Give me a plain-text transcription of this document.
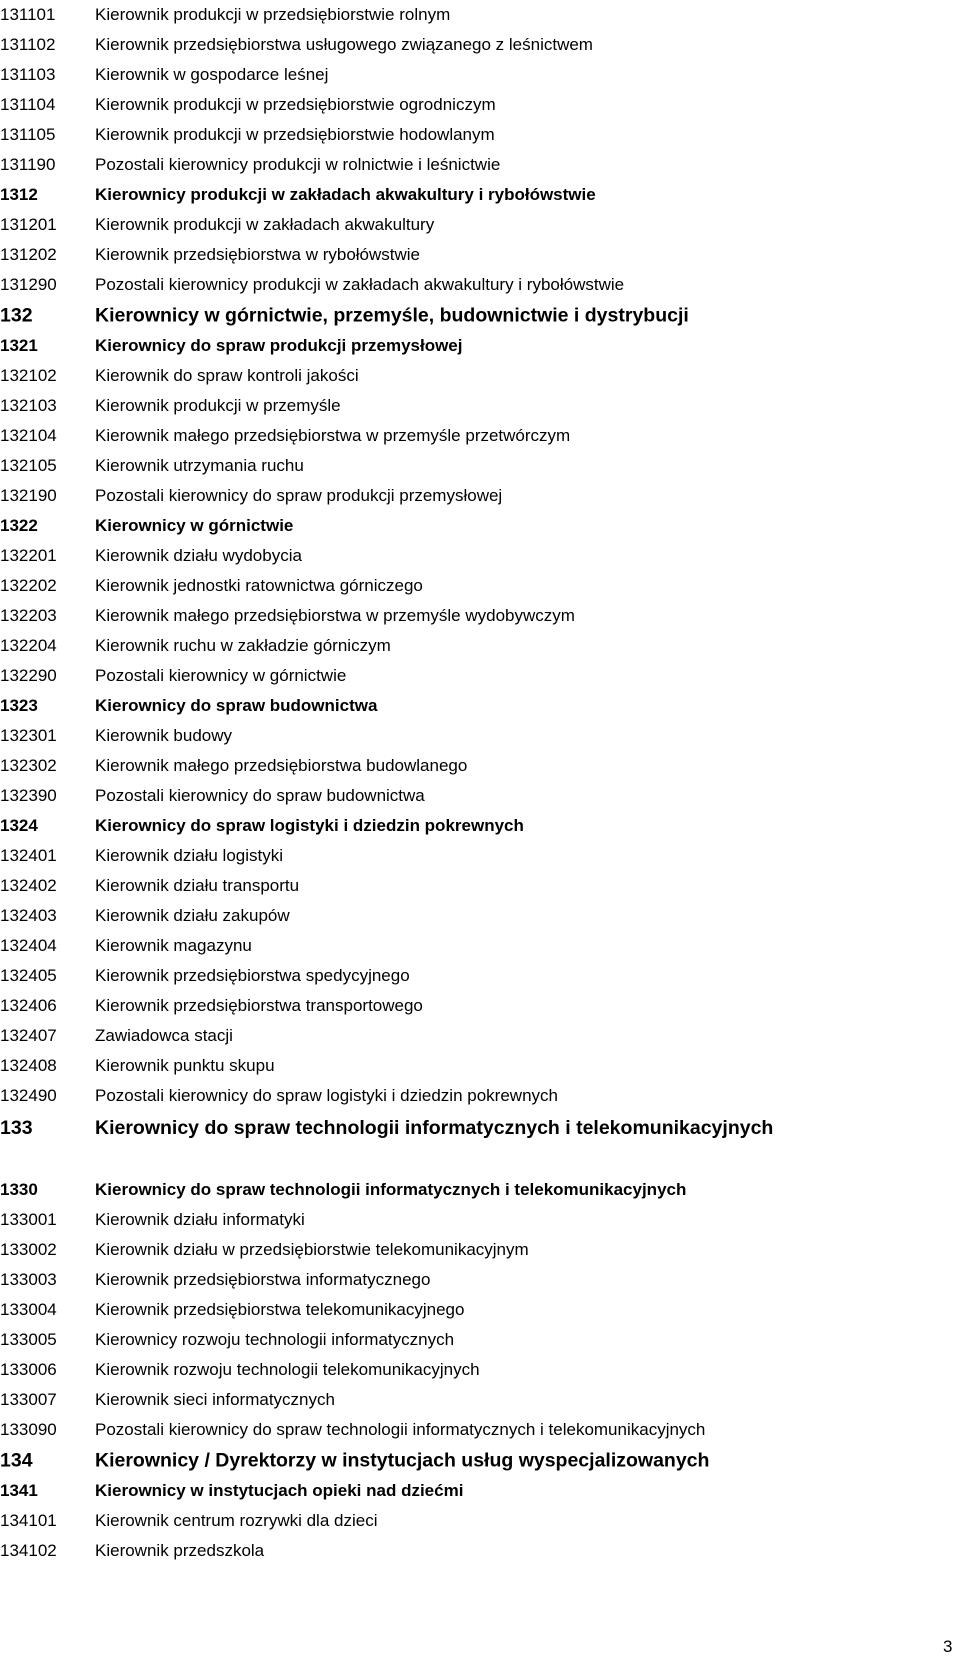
131101 Kierownik produkcji w przedsiębiorstwie rolnym
131102 Kierownik przedsiębiorstwa usługowego związanego z leśnictwem
131103 Kierownik w gospodarce leśnej
131104 Kierownik produkcji w przedsiębiorstwie ogrodniczym
131105 Kierownik produkcji w przedsiębiorstwie hodowlanym
131190 Pozostali kierownicy produkcji w rolnictwie i leśnictwie
1312	Kierownicy produkcji w zakładach akwakultury i rybołówstwie
131201 Kierownik produkcji w zakładach akwakultury
131202 Kierownik przedsiębiorstwa w rybołówstwie
131290 Pozostali kierownicy produkcji w zakładach akwakultury i rybołówstwie
132	Kierownicy w górnictwie, przemyśle, budownictwie i dystrybucji
1321	Kierownicy do spraw produkcji przemysłowej
132102 Kierownik do spraw kontroli jakości
132103 Kierownik produkcji w przemyśle
132104 Kierownik małego przedsiębiorstwa w przemyśle przetwórczym
132105 Kierownik utrzymania ruchu
132190 Pozostali kierownicy do spraw produkcji przemysłowej
1322	Kierownicy w górnictwie
132201 Kierownik działu wydobycia
132202 Kierownik jednostki ratownictwa górniczego
132203 Kierownik małego przedsiębiorstwa w przemyśle wydobywczym
132204 Kierownik ruchu w zakładzie górniczym
132290 Pozostali kierownicy w górnictwie
1323	Kierownicy do spraw budownictwa
132301 Kierownik budowy
132302 Kierownik małego przedsiębiorstwa budowlanego
132390 Pozostali kierownicy do spraw budownictwa
1324	Kierownicy do spraw logistyki i dziedzin pokrewnych
132401 Kierownik działu logistyki
132402 Kierownik działu transportu
132403 Kierownik działu zakupów
132404 Kierownik magazynu
132405 Kierownik przedsiębiorstwa spedycyjnego
132406 Kierownik przedsiębiorstwa transportowego
132407 Zawiadowca stacji
132408 Kierownik punktu skupu
132490 Pozostali kierownicy do spraw logistyki i dziedzin pokrewnych
133	Kierownicy do spraw technologii informatycznych i telekomunikacyjnych
1330	Kierownicy do spraw technologii informatycznych i telekomunikacyjnych
133001 Kierownik działu informatyki
133002 Kierownik działu w przedsiębiorstwie telekomunikacyjnym
133003 Kierownik przedsiębiorstwa informatycznego
133004 Kierownik przedsiębiorstwa telekomunikacyjnego
133005 Kierownicy rozwoju technologii informatycznych
133006 Kierownik rozwoju technologii telekomunikacyjnych
133007 Kierownik sieci informatycznych
133090 Pozostali kierownicy do spraw technologii informatycznych i telekomunikacyjnych
134	Kierownicy / Dyrektorzy w instytucjach usług wyspecjalizowanych
1341	Kierownicy w instytucjach opieki nad dziećmi
134101 Kierownik centrum rozrywki dla dzieci
134102 Kierownik przedszkola
3
